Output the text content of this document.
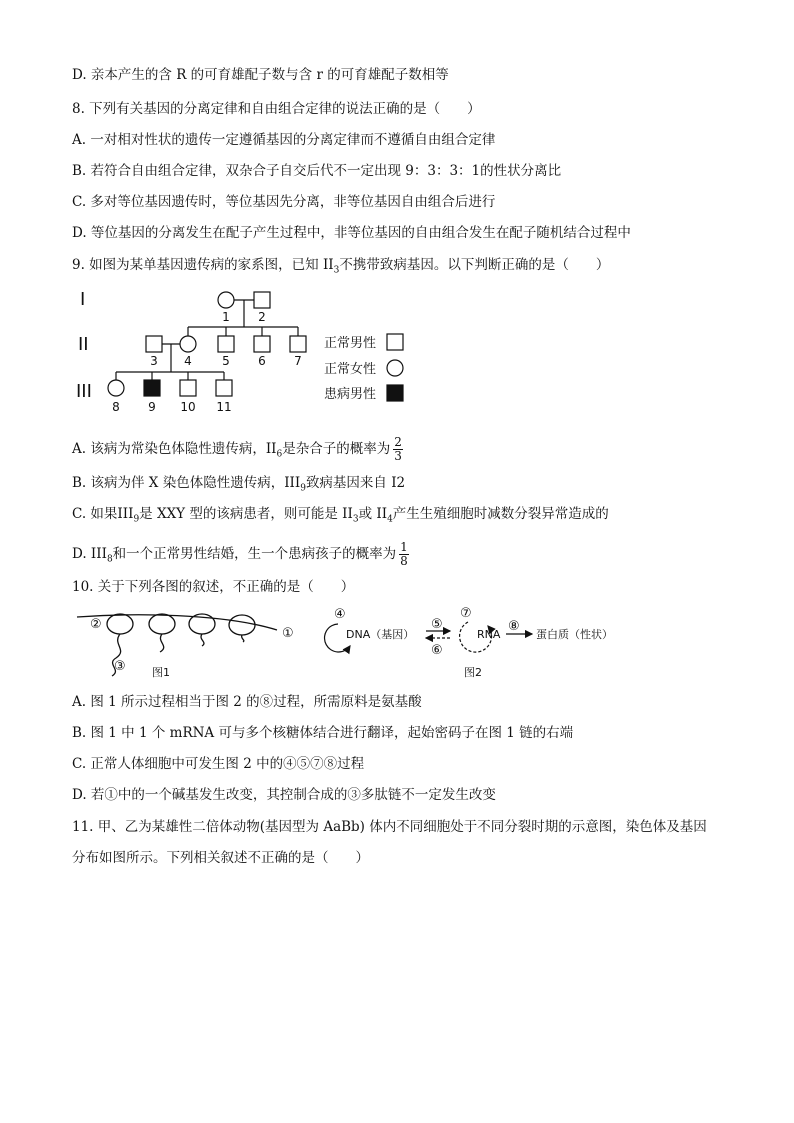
D. 亲本产生的含 R 的可育雄配子数与含 r 的可育雄配子数相等
8. 下列有关基因的分离定律和自由组合定律的说法正确的是（　　）
A. 一对相对性状的遗传一定遵循基因的分离定律而不遵循自由组合定律
B. 若符合自由组合定律，双杂合子自交后代不一定出现 9：3：3：1的性状分离比
C. 多对等位基因遗传时，等位基因先分离，非等位基因自由组合后进行
D. 等位基因的分离发生在配子产生过程中，非等位基因的自由组合发生在配子随机结合过程中
9. 如图为某单基因遗传病的家系图，已知 $II_3$不携带致病基因。以下判断正确的是（　　）
I
II
III
1 2
3 4	5 6 7
8 9 10 11
正常男性
正常女性
患病男性
A. 该病为常染色体隐性遗传病，$II_6$是杂合子的概率为 $\frac{2}{3}$
B. 该病为伴 X 染色体隐性遗传病，$III_9$致病基因来自 I2
C. 如果$III_9$是 XXY 型的该病患者，则可能是 $II_3$或 $II_4$产生生殖细胞时减数分裂异常造成的
D. $III_8$和一个正常男性结婚，生一个患病孩子的概率为 $\frac{1}{8}$
10. 关于下列各图的叙述，不正确的是（　　）
①
②
③ 图1
DNA（基因）	RNA	蛋白质（性状）
图2
④
⑤
⑥
⑦
⑧
A. 图 1 所示过程相当于图 2 的⑧过程，所需原料是氨基酸
B. 图 1 中 1 个 mRNA 可与多个核糖体结合进行翻译，起始密码子在图 1 链的右端
C. 正常人体细胞中可发生图 2 中的④⑤⑦⑧过程
D. 若①中的一个碱基发生改变，其控制合成的③多肽链不一定发生改变
11. 甲、乙为某雄性二倍体动物(基因型为 AaBb) 体内不同细胞处于不同分裂时期的示意图，染色体及基因
分布如图所示。下列相关叙述不正确的是（　　）
